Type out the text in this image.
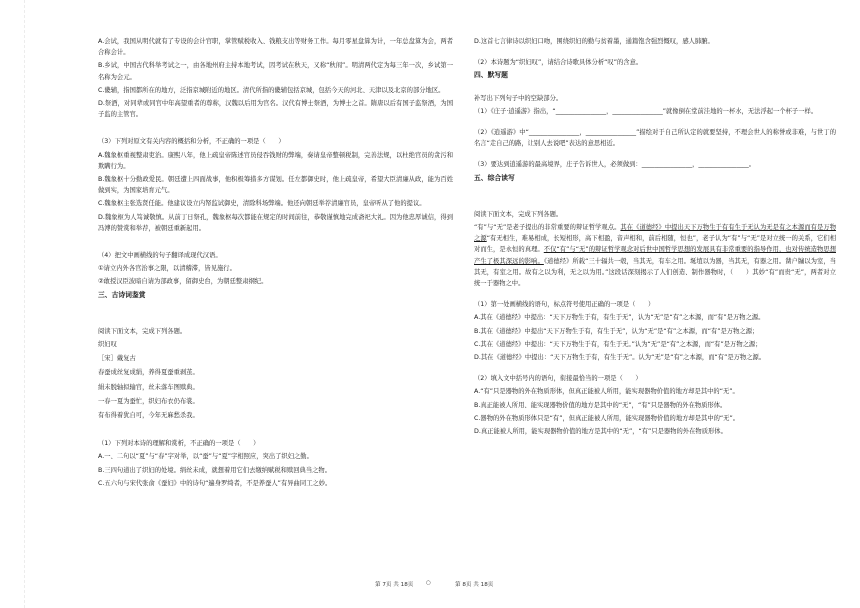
A.会试，我国从明代就有了专设的会计官职，掌管赋税收入、钱粮支出等财务工作。每月零星盘算为计，一年总盘算为会，两者合称会计。

B.乡试，中国古代科举考试之一，由各地州府主持本地考试，因考试在秋天，又称“秋闱”。明清两代定为每三年一次，乡试第一名称为会元。

C.畿辅，指国都所在的地方，泛指京城附近的地区。清代所指的畿辅包括京城，包括今天的河北、天津以及北京的部分地区。

D.祭酒，对同辈或同官中年高望重者的尊称，汉魏以后用为官名。汉代有博士祭酒，为博士之首。隋唐以后有国子监祭酒，为国子监的主管官。

（3）下列对原文有关内容的概括和分析，不正确的一项是（　　）

A.魏象枢重视整肃吏治。康熙八年，他上疏皇帝陈述官员侵吞钱财的弊端，奏请皇帝整顿税制，完善法规，以杜绝官员的贪污和欺瞒行为。

B.魏象枢十分勤政爱民。朝廷遭上四面战事，他积极筹措多方谋划。任左都御史时，他上疏皇帝，希望大臣清廉从政，能为百姓做到实，为国家培育元气。

C.魏象枢主张选贤任能。他建议设立内帑监试御史，清除科场弊端。他还向朝廷举荐清廉官员，皇帝听从了他的提议。

D.魏象枢为人笃诚敬慎。从前丁日祭孔，魏象枢每次都能在规定的时间前往，恭敬谨慎地完成斋祀大礼。因为他忠厚诚信，得到冯溥的赞赏和举荐，被朝廷重新起用。

（4）把文中画横线的句子翻译成现代汉语。

①请立内外各官治事之限，以清稽滞，皆见施行。

②敢授汉臣波暗自请为部政事，留御史台，为朝廷整肃纲纪。

三、古诗词鉴赏

阅读下面文本，完成下列各题。

织妇叹

［宋］戴复古

春蚕成丝复成絹，养得夏蚕重剥茧。

絹未脱轴拟输官，丝未落车图赎典。

一春一夏为蚕忙，织妇布衣仍布裳。

有布得着犹自可，今年无麻愁杀我。

（1）下列对本诗的理解和赏析，不正确的一项是（　　）

A.一、二句以“夏”与“春”字对举，以“蚕”与“夏”字相照应，突出了织妇之勤。

B.三四句道出了织妇的处境。绢丝未成，就想着用它们去缴纳赋税和赎回典当之物。

C.五六句与宋代张俞《蚕妇》中的诗句“遍身罗绮者，不是养蚕人”有异曲同工之妙。

D.这首七言律诗以织妇口吻，围绕织妇的勤与贫着墨，通篇饱含强烈慨叹，感人肺腑。

（2）本诗题为“织妇叹”，请结合诗歌具体分析“叹”的含意。

四、默写题

补写出下列句子中的空缺部分。

（1）《庄子·逍遥游》指出，“________________，________________”就像倒在堂前洼地的一杯水，无法浮起一个杯子一样。

（2）《逍遥游》中“________________，________________”描绘对于自己所认定的就要坚持，不理会世人的称誉或非难，与世丁的名言“走自己的路，让别人去说吧”表达的意思相近。

（3）要达到逍遥游的最高境界，庄子告诉世人，必须做到：________________，________________。

五、综合读写

阅读下面文本，完成下列各题。

“有”与“无”是老子提出的非常重要的辩证哲学观点。其在《道德经》中提出天下万物生于有有生于无认为无是有之本源而有是万物之源“有无相生，难易相成，长短相形，高下相盈，音声相和，前后相随，恒也”，老子认为“有”与“无”是对立统一的关系，它们相对而生，是永恒的真理。不仅“有”与“无”的辩证哲学观念对后世中国哲学思想的发展具有非常重要的指导作用，也对传统造物思想产生了极其深远的影响。《道德经》所载“三十辐共一毂，当其无，有车之用。埏埴以为器，当其无，有器之用。凿户牖以为室，当其无，有室之用。故有之以为利，无之以为用。”这段话深刻揭示了人们创造、制作器物时，（　　）其妙“有”而贵“无”，两者对立统一于器物之中。

（1）第一处画横线的语句，标点符号使用正确的一项是（　　）

A.其在《道德经》中提出：“天下万物生于有，有生于无”，认为“无”是“有”之本源，而“有”是万物之源。

B.其在《道德经》中提出“天下万物生于有，有生于无”，认为“无”是“有”之本源，而“有”是万物之源；

C.其在《道德经》中提出：“天下万物生于有，有生于无。”认为“无”是“有”之本源，而“有”是万物之源；

D.其在《道德经》中提出：“天下万物生于有，有生于无”。认为“无”是“有”之本源，而“有”是万物之源。

（2）填入文中括号内的语句，衔接最恰当的一项是（　　）

A.“有”只是器物的外在物质形体，但真正能被人所用，能实现器物价值的地方却是其中的“无”。

B.真正能被人所用、能实现器物价值的地方是其中的“无”，“有”只是器物的外在物质形体。

C.器物的外在物质形体只是“有”，但真正能被人所用，能实现器物价值的地方却是其中的“无”。

D.真正能被人所用，能实现器物价值的地方是其中的“无”，“有”只是器物的外在物质形体。

第 7页 共 18页 ○	第 8页 共 18页
